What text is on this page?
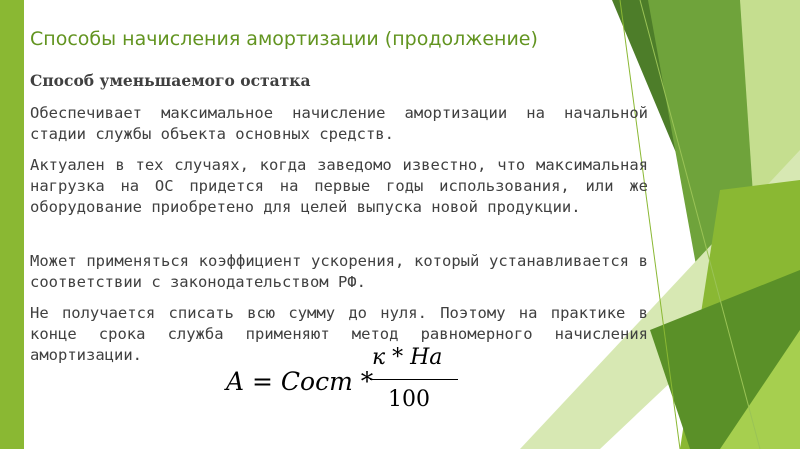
Способы начисления амортизации (продолжение)
Способ уменьшаемого остатка
Обеспечивает максимальное начисление амортизации на начальной стадии службы объекта основных средств.
Актуален в тех случаях, когда заведомо известно, что максимальная нагрузка на ОС придется на первые годы использования, или же оборудование приобретено для целей выпуска новой продукции.
Может применяться коэффициент ускорения, который устанавливается в соответствии с законодательством РФ.
Не получается списать всю сумму до нуля. Поэтому на практике в конце срока служба применяют метод равномерного начисления амортизации.
A = Cocm *
к * На
100
